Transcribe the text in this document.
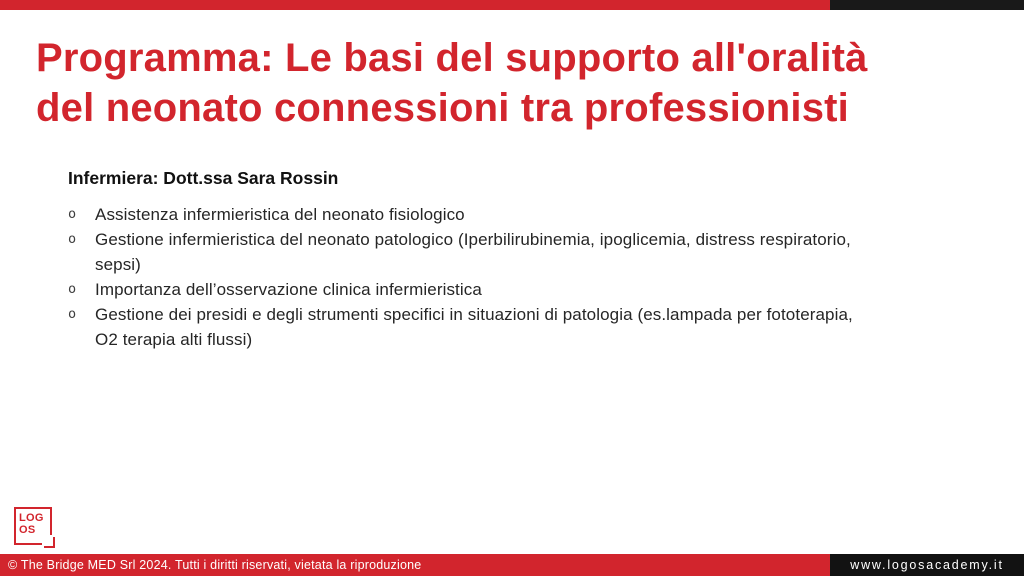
Programma: Le basi del supporto all'oralità
del neonato connessioni tra professionisti

Infermiera: Dott.ssa Sara Rossin

o	Assistenza infermieristica del neonato fisiologico
o	Gestione infermieristica del neonato patologico (Iperbilirubinemia, ipoglicemia, distress respiratorio, sepsi)
o	Importanza dell’osservazione clinica infermieristica
o	Gestione dei presidi e degli strumenti specifici in situazioni di patologia (es.lampada per fototerapia, O2 terapia alti flussi)
LOG
OS
© The Bridge MED Srl 2024. Tutti i diritti riservati, vietata la riproduzione	www.logosacademy.it
